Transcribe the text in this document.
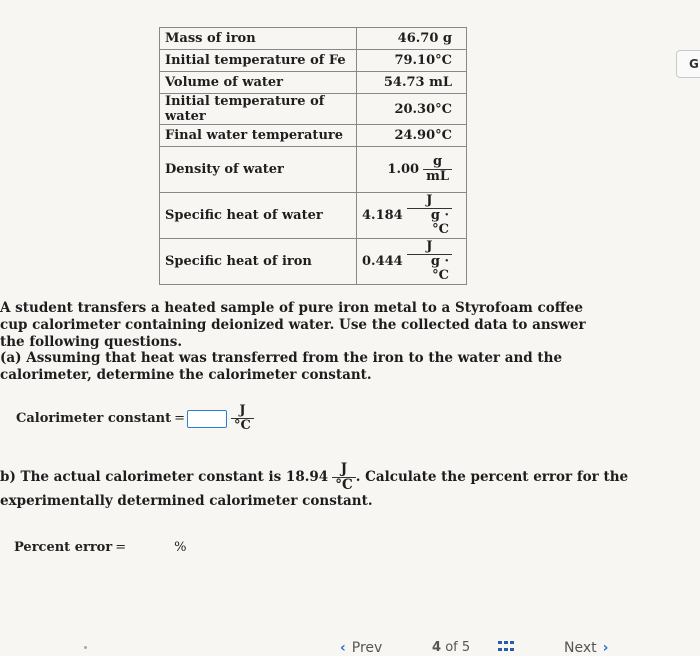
Mass of iron	46.70 g
Initial temperature of Fe	79.10°C
Volume of water	54.73 mL
Initial temperature of water	20.30°C
Final water temperature	24.90°C
Density of water	$1.00 \frac{g}{mL}$

Specific heat of water	$4.184 \frac{J}{g \cdot ^\circ C}$

Specific heat of iron	$0.444 \frac{J}{g \cdot ^\circ C}$
A student transfers a heated sample of pure iron metal to a Styrofoam coffee cup calorimeter containing deionized water. Use the collected data to answer the following questions.
(a) Assuming that heat was transferred from the iron to the water and the calorimeter, determine the calorimeter constant.
Calorimeter constant =	$\frac{J}{^\circ C}$
b) The actual calorimeter constant is $18.94 \frac{J}{^\circ C}$ . Calculate the percent error for the experimentally determined calorimeter constant.
Percent error =	%
G
‹ Prev	4 of 5	Next ›
